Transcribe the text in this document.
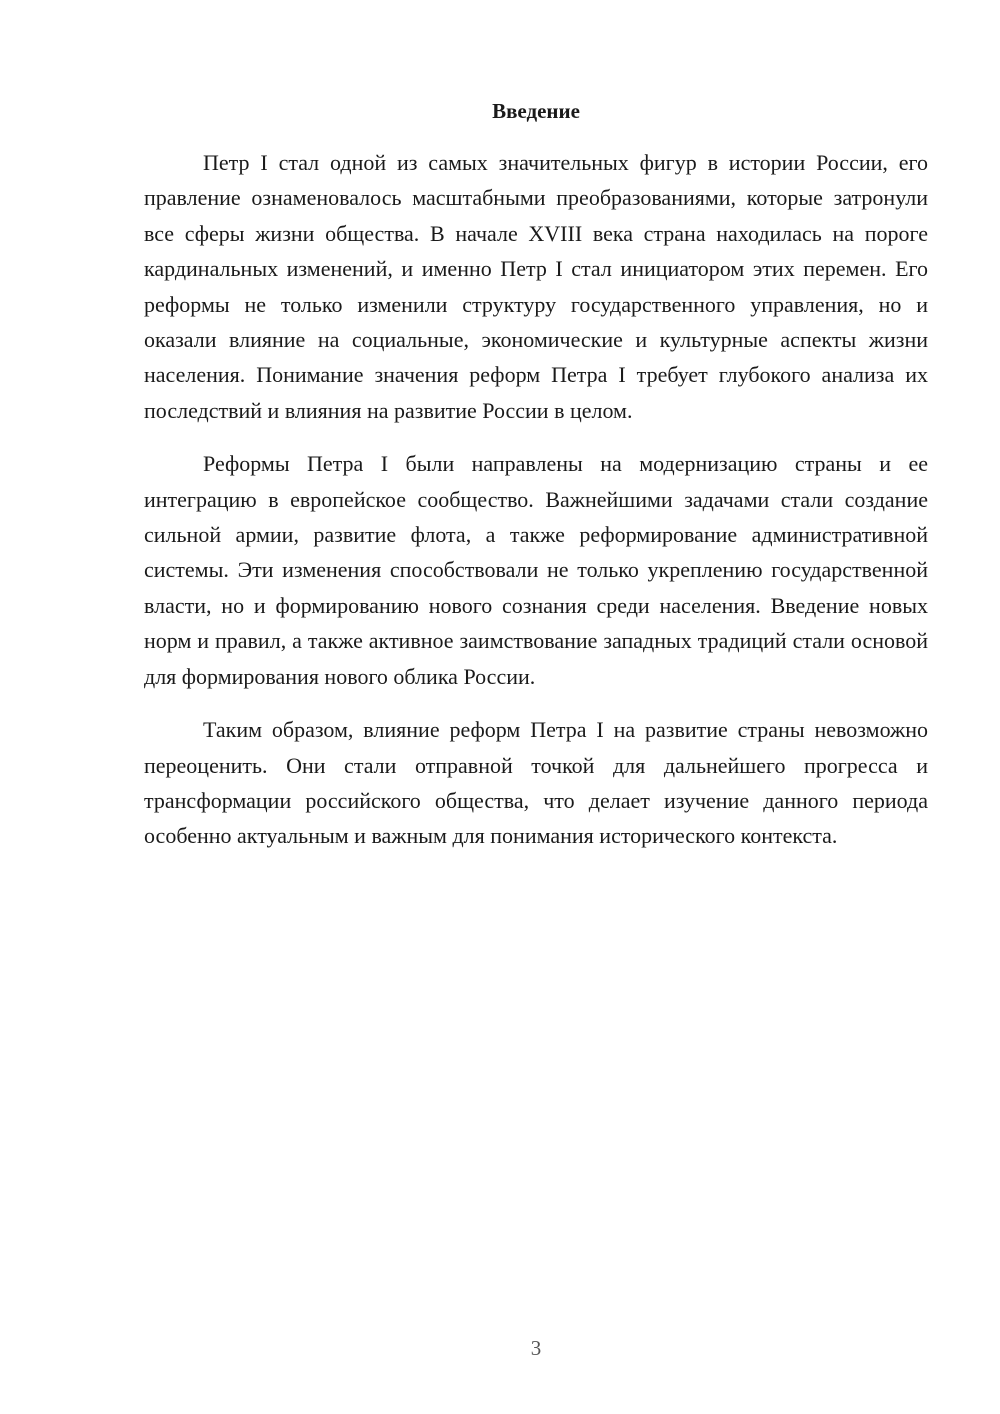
Введение

Петр I стал одной из самых значительных фигур в истории России, его правление ознаменовалось масштабными преобразованиями, которые затронули все сферы жизни общества. В начале XVIII века страна находилась на пороге кардинальных изменений, и именно Петр I стал инициатором этих перемен. Его реформы не только изменили структуру государственного управления, но и оказали влияние на социальные, экономические и культурные аспекты жизни населения. Понимание значения реформ Петра I требует глубокого анализа их последствий и влияния на развитие России в целом.

Реформы Петра I были направлены на модернизацию страны и ее интеграцию в европейское сообщество. Важнейшими задачами стали создание сильной армии, развитие флота, а также реформирование административной системы. Эти изменения способствовали не только укреплению государственной власти, но и формированию нового сознания среди населения. Введение новых норм и правил, а также активное заимствование западных традиций стали основой для формирования нового облика России.

Таким образом, влияние реформ Петра I на развитие страны невозможно переоценить. Они стали отправной точкой для дальнейшего прогресса и трансформации российского общества, что делает изучение данного периода особенно актуальным и важным для понимания исторического контекста.

3
